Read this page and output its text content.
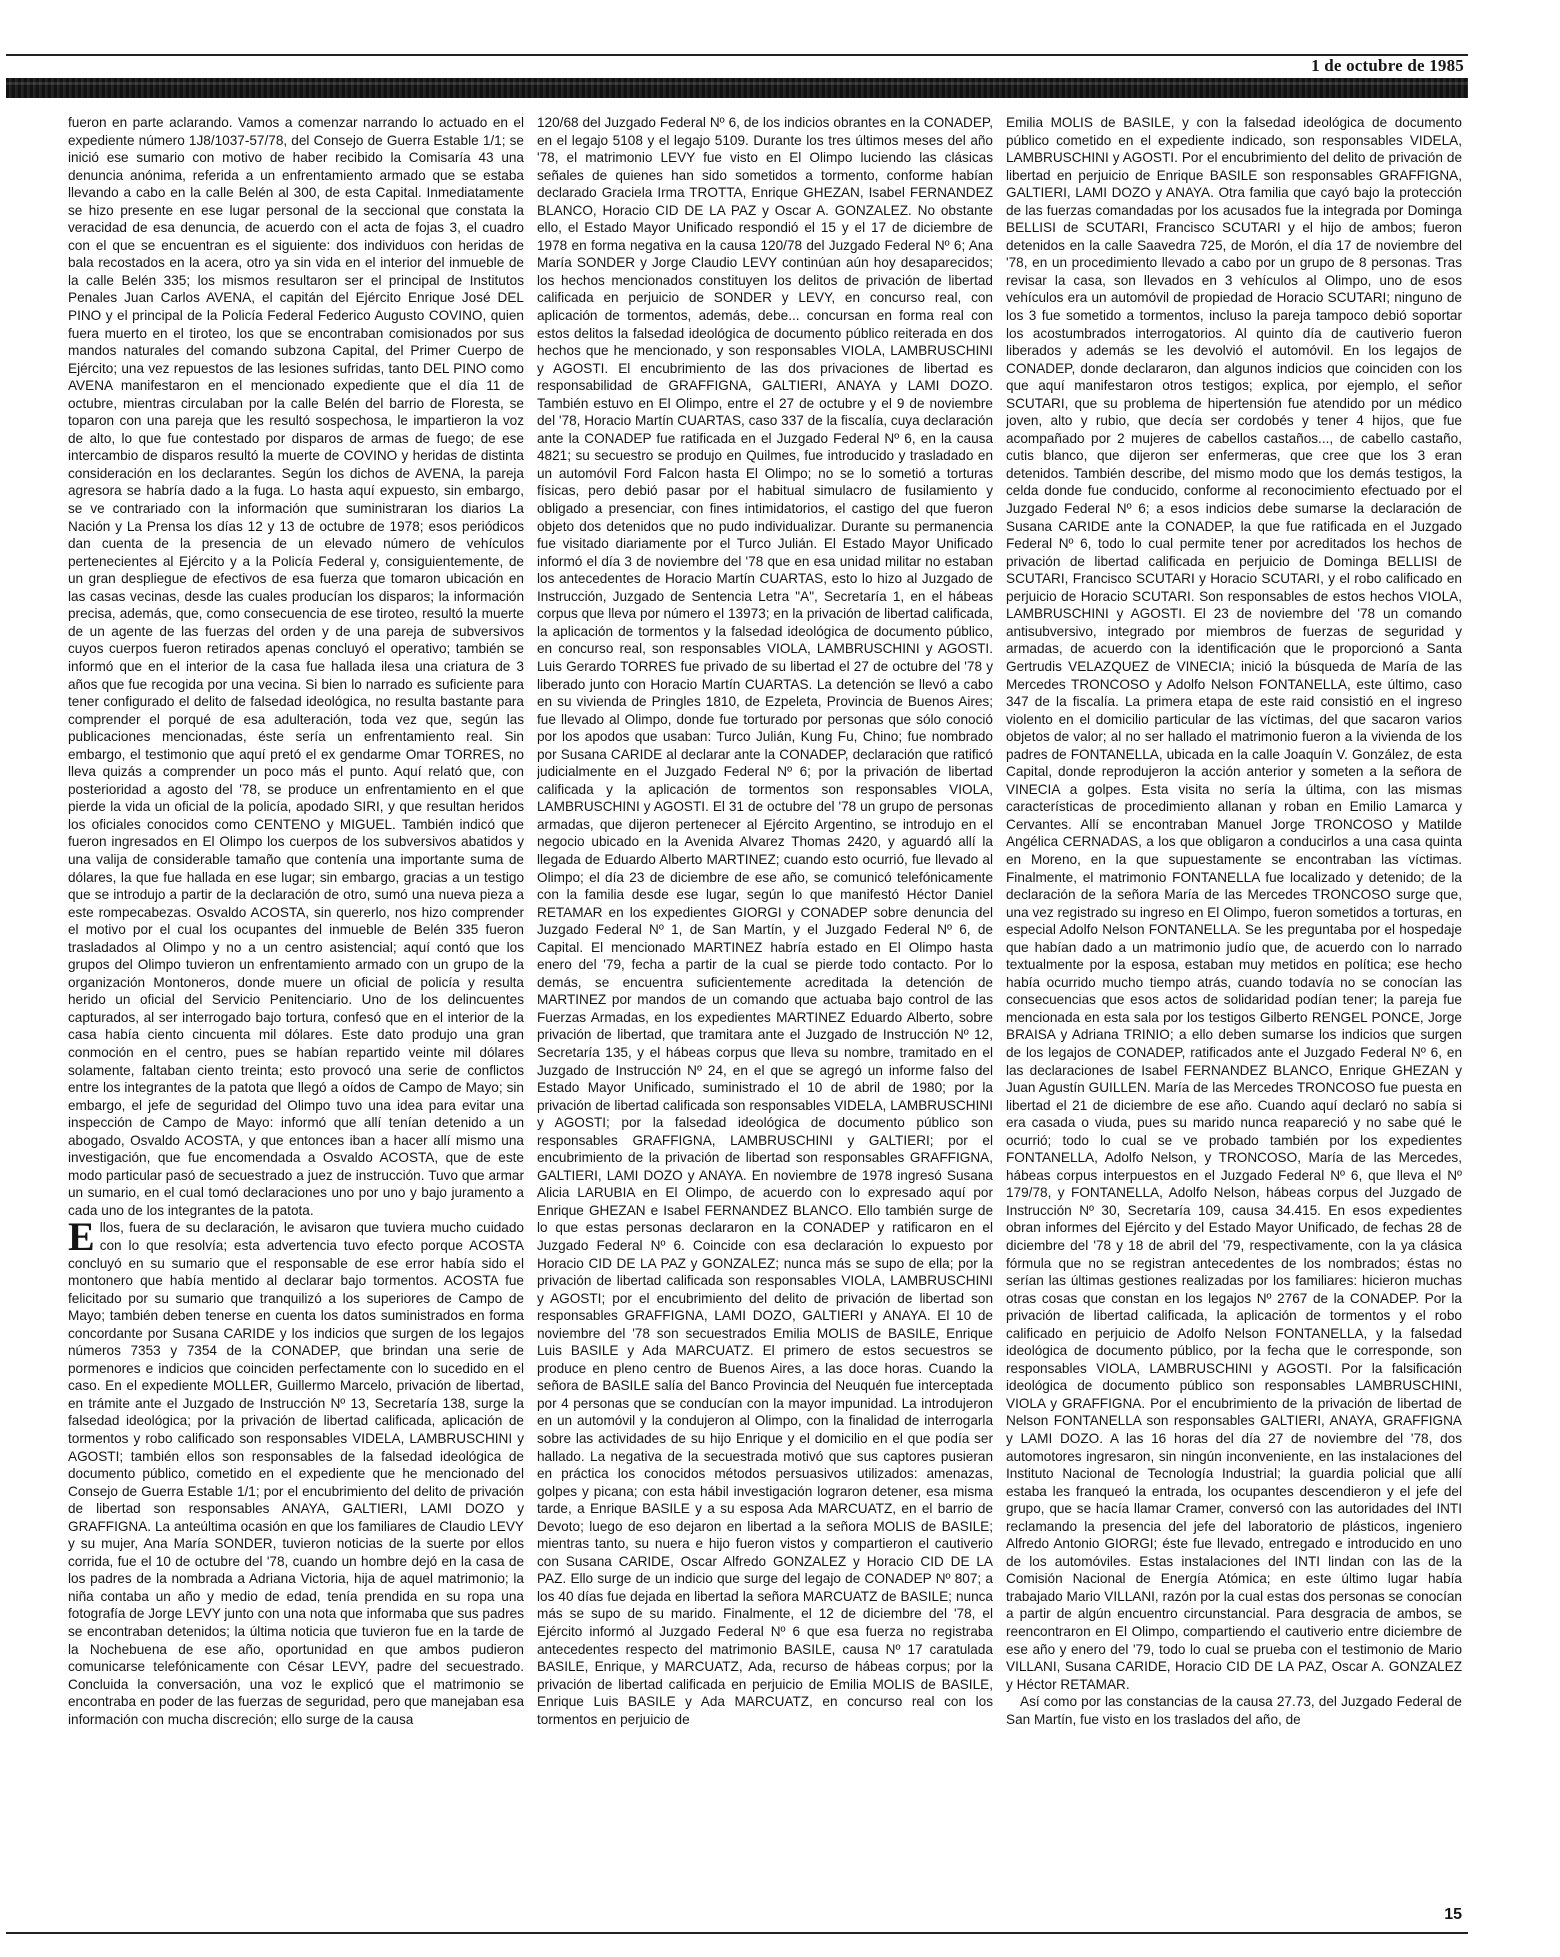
1 de octubre de 1985

fueron en parte aclarando. Vamos a comenzar narrando lo actuado en el expediente número 1J8/1037-57/78, del Consejo de Guerra Estable 1/1; se inició ese sumario con motivo de haber recibido la Comisaría 43 una denuncia anónima, referida a un enfrentamiento armado que se estaba llevando a cabo en la calle Belén al 300, de esta Capital. Inmediatamente se hizo presente en ese lugar personal de la seccional que constata la veracidad de esa denuncia, de acuerdo con el acta de fojas 3, el cuadro con el que se encuentran es el siguiente: dos individuos con heridas de bala recostados en la acera, otro ya sin vida en el interior del inmueble de la calle Belén 335; los mismos resultaron ser el principal de Institutos Penales Juan Carlos AVENA, el capitán del Ejército Enrique José DEL PINO y el principal de la Policía Federal Federico Augusto COVINO, quien fuera muerto en el tiroteo, los que se encontraban comisionados por sus mandos naturales del comando subzona Capital, del Primer Cuerpo de Ejército; una vez repuestos de las lesiones sufridas, tanto DEL PINO como AVENA manifestaron en el mencionado expediente que el día 11 de octubre, mientras circulaban por la calle Belén del barrio de Floresta, se toparon con una pareja que les resultó sospechosa, le impartieron la voz de alto, lo que fue contestado por disparos de armas de fuego; de ese intercambio de disparos resultó la muerte de COVINO y heridas de distinta consideración en los declarantes. Según los dichos de AVENA, la pareja agresora se habría dado a la fuga. Lo hasta aquí expuesto, sin embargo, se ve contrariado con la información que suministraran los diarios La Nación y La Prensa los días 12 y 13 de octubre de 1978; esos periódicos dan cuenta de la presencia de un elevado número de vehículos pertenecientes al Ejército y a la Policía Federal y, consiguientemente, de un gran despliegue de efectivos de esa fuerza que tomaron ubicación en las casas vecinas, desde las cuales producían los disparos; la información precisa, además, que, como consecuencia de ese tiroteo, resultó la muerte de un agente de las fuerzas del orden y de una pareja de subversivos cuyos cuerpos fueron retirados apenas concluyó el operativo; también se informó que en el interior de la casa fue hallada ilesa una criatura de 3 años que fue recogida por una vecina. Si bien lo narrado es suficiente para tener configurado el delito de falsedad ideológica, no resulta bastante para comprender el porqué de esa adulteración, toda vez que, según las publicaciones mencionadas, éste sería un enfrentamiento real. Sin embargo, el testimonio que aquí pretó el ex gendarme Omar TORRES, no lleva quizás a comprender un poco más el punto. Aquí relató que, con posterioridad a agosto del '78, se produce un enfrentamiento en el que pierde la vida un oficial de la policía, apodado SIRI, y que resultan heridos los oficiales conocidos como CENTENO y MIGUEL. También indicó que fueron ingresados en El Olimpo los cuerpos de los subversivos abatidos y una valija de considerable tamaño que contenía una importante suma de dólares, la que fue hallada en ese lugar; sin embargo, gracias a un testigo que se introdujo a partir de la declaración de otro, sumó una nueva pieza a este rompecabezas. Osvaldo ACOSTA, sin quererlo, nos hizo comprender el motivo por el cual los ocupantes del inmueble de Belén 335 fueron trasladados al Olimpo y no a un centro asistencial; aquí contó que los grupos del Olimpo tuvieron un enfrentamiento armado con un grupo de la organización Montoneros, donde muere un oficial de policía y resulta herido un oficial del Servicio Penitenciario. Uno de los delincuentes capturados, al ser interrogado bajo tortura, confesó que en el interior de la casa había ciento cincuenta mil dólares. Este dato produjo una gran conmoción en el centro, pues se habían repartido veinte mil dólares solamente, faltaban ciento treinta; esto provocó una serie de conflictos entre los integrantes de la patota que llegó a oídos de Campo de Mayo; sin embargo, el jefe de seguridad del Olimpo tuvo una idea para evitar una inspección de Campo de Mayo: informó que allí tenían detenido a un abogado, Osvaldo ACOSTA, y que entonces iban a hacer allí mismo una investigación, que fue encomendada a Osvaldo ACOSTA, que de este modo particular pasó de secuestrado a juez de instrucción. Tuvo que armar un sumario, en el cual tomó declaraciones uno por uno y bajo juramento a cada uno de los integrantes de la patota.

Ellos, fuera de su declaración, le avisaron que tuviera mucho cuidado con lo que resolvía; esta advertencia tuvo efecto porque ACOSTA concluyó en su sumario que el responsable de ese error había sido el montonero que había mentido al declarar bajo tormentos. ACOSTA fue felicitado por su sumario que tranquilizó a los superiores de Campo de Mayo; también deben tenerse en cuenta los datos suministrados en forma concordante por Susana CARIDE y los indicios que surgen de los legajos números 7353 y 7354 de la CONADEP, que brindan una serie de pormenores e indicios que coinciden perfectamente con lo sucedido en el caso. En el expediente MOLLER, Guillermo Marcelo, privación de libertad, en trámite ante el Juzgado de Instrucción Nº 13, Secretaría 138, surge la falsedad ideológica; por la privación de libertad calificada, aplicación de tormentos y robo calificado son responsables VIDELA, LAMBRUSCHINI y AGOSTI; también ellos son responsables de la falsedad ideológica de documento público, cometido en el expediente que he mencionado del Consejo de Guerra Estable 1/1; por el encubrimiento del delito de privación de libertad son responsables ANAYA, GALTIERI, LAMI DOZO y GRAFFIGNA. La anteúltima ocasión en que los familiares de Claudio LEVY y su mujer, Ana María SONDER, tuvieron noticias de la suerte por ellos corrida, fue el 10 de octubre del '78, cuando un hombre dejó en la casa de los padres de la nombrada a Adriana Victoria, hija de aquel matrimonio; la niña contaba un año y medio de edad, tenía prendida en su ropa una fotografía de Jorge LEVY junto con una nota que informaba que sus padres se encontraban detenidos; la última noticia que tuvieron fue en la tarde de la Nochebuena de ese año, oportunidad en que ambos pudieron comunicarse telefónicamente con César LEVY, padre del secuestrado. Concluida la conversación, una voz le explicó que el matrimonio se encontraba en poder de las fuerzas de seguridad, pero que manejaban esa información con mucha discreción; ello surge de la causa

120/68 del Juzgado Federal Nº 6, de los indicios obrantes en la CONADEP, en el legajo 5108 y el legajo 5109. Durante los tres últimos meses del año '78, el matrimonio LEVY fue visto en El Olimpo luciendo las clásicas señales de quienes han sido sometidos a tormento, conforme habían declarado Graciela Irma TROTTA, Enrique GHEZAN, Isabel FERNANDEZ BLANCO, Horacio CID DE LA PAZ y Oscar A. GONZALEZ. No obstante ello, el Estado Mayor Unificado respondió el 15 y el 17 de diciembre de 1978 en forma negativa en la causa 120/78 del Juzgado Federal Nº 6; Ana María SONDER y Jorge Claudio LEVY continúan aún hoy desaparecidos; los hechos mencionados constituyen los delitos de privación de libertad calificada en perjuicio de SONDER y LEVY, en concurso real, con aplicación de tormentos, además, debe... concursan en forma real con estos delitos la falsedad ideológica de documento público reiterada en dos hechos que he mencionado, y son responsables VIOLA, LAMBRUSCHINI y AGOSTI. El encubrimiento de las dos privaciones de libertad es responsabilidad de GRAFFIGNA, GALTIERI, ANAYA y LAMI DOZO. También estuvo en El Olimpo, entre el 27 de octubre y el 9 de noviembre del '78, Horacio Martín CUARTAS, caso 337 de la fiscalía, cuya declaración ante la CONADEP fue ratificada en el Juzgado Federal Nº 6, en la causa 4821; su secuestro se produjo en Quilmes, fue introducido y trasladado en un automóvil Ford Falcon hasta El Olimpo; no se lo sometió a torturas físicas, pero debió pasar por el habitual simulacro de fusilamiento y obligado a presenciar, con fines intimidatorios, el castigo del que fueron objeto dos detenidos que no pudo individualizar. Durante su permanencia fue visitado diariamente por el Turco Julián. El Estado Mayor Unificado informó el día 3 de noviembre del '78 que en esa unidad militar no estaban los antecedentes de Horacio Martín CUARTAS, esto lo hizo al Juzgado de Instrucción, Juzgado de Sentencia Letra "A", Secretaría 1, en el hábeas corpus que lleva por número el 13973; en la privación de libertad calificada, la aplicación de tormentos y la falsedad ideológica de documento público, en concurso real, son responsables VIOLA, LAMBRUSCHINI y AGOSTI. Luis Gerardo TORRES fue privado de su libertad el 27 de octubre del '78 y liberado junto con Horacio Martín CUARTAS. La detención se llevó a cabo en su vivienda de Pringles 1810, de Ezpeleta, Provincia de Buenos Aires; fue llevado al Olimpo, donde fue torturado por personas que sólo conoció por los apodos que usaban: Turco Julián, Kung Fu, Chino; fue nombrado por Susana CARIDE al declarar ante la CONADEP, declaración que ratificó judicialmente en el Juzgado Federal Nº 6; por la privación de libertad calificada y la aplicación de tormentos son responsables VIOLA, LAMBRUSCHINI y AGOSTI. El 31 de octubre del '78 un grupo de personas armadas, que dijeron pertenecer al Ejército Argentino, se introdujo en el negocio ubicado en la Avenida Alvarez Thomas 2420, y aguardó allí la llegada de Eduardo Alberto MARTINEZ; cuando esto ocurrió, fue llevado al Olimpo; el día 23 de diciembre de ese año, se comunicó telefónicamente con la familia desde ese lugar, según lo que manifestó Héctor Daniel RETAMAR en los expedientes GIORGI y CONADEP sobre denuncia del Juzgado Federal Nº 1, de San Martín, y el Juzgado Federal Nº 6, de Capital. El mencionado MARTINEZ habría estado en El Olimpo hasta enero del '79, fecha a partir de la cual se pierde todo contacto. Por lo demás, se encuentra suficientemente acreditada la detención de MARTINEZ por mandos de un comando que actuaba bajo control de las Fuerzas Armadas, en los expedientes MARTINEZ Eduardo Alberto, sobre privación de libertad, que tramitara ante el Juzgado de Instrucción Nº 12, Secretaría 135, y el hábeas corpus que lleva su nombre, tramitado en el Juzgado de Instrucción Nº 24, en el que se agregó un informe falso del Estado Mayor Unificado, suministrado el 10 de abril de 1980; por la privación de libertad calificada son responsables VIDELA, LAMBRUSCHINI y AGOSTI; por la falsedad ideológica de documento público son responsables GRAFFIGNA, LAMBRUSCHINI y GALTIERI; por el encubrimiento de la privación de libertad son responsables GRAFFIGNA, GALTIERI, LAMI DOZO y ANAYA. En noviembre de 1978 ingresó Susana Alicia LARUBIA en El Olimpo, de acuerdo con lo expresado aquí por Enrique GHEZAN e Isabel FERNANDEZ BLANCO. Ello también surge de lo que estas personas declararon en la CONADEP y ratificaron en el Juzgado Federal Nº 6. Coincide con esa declaración lo expuesto por Horacio CID DE LA PAZ y GONZALEZ; nunca más se supo de ella; por la privación de libertad calificada son responsables VIOLA, LAMBRUSCHINI y AGOSTI; por el encubrimiento del delito de privación de libertad son responsables GRAFFIGNA, LAMI DOZO, GALTIERI y ANAYA. El 10 de noviembre del '78 son secuestrados Emilia MOLIS de BASILE, Enrique Luis BASILE y Ada MARCUATZ. El primero de estos secuestros se produce en pleno centro de Buenos Aires, a las doce horas. Cuando la señora de BASILE salía del Banco Provincia del Neuquén fue interceptada por 4 personas que se conducían con la mayor impunidad. La introdujeron en un automóvil y la condujeron al Olimpo, con la finalidad de interrogarla sobre las actividades de su hijo Enrique y el domicilio en el que podía ser hallado. La negativa de la secuestrada motivó que sus captores pusieran en práctica los conocidos métodos persuasivos utilizados: amenazas, golpes y picana; con esta hábil investigación lograron detener, esa misma tarde, a Enrique BASILE y a su esposa Ada MARCUATZ, en el barrio de Devoto; luego de eso dejaron en libertad a la señora MOLIS de BASILE; mientras tanto, su nuera e hijo fueron vistos y compartieron el cautiverio con Susana CARIDE, Oscar Alfredo GONZALEZ y Horacio CID DE LA PAZ. Ello surge de un indicio que surge del legajo de CONADEP Nº 807; a los 40 días fue dejada en libertad la señora MARCUATZ de BASILE; nunca más se supo de su marido. Finalmente, el 12 de diciembre del '78, el Ejército informó al Juzgado Federal Nº 6 que esa fuerza no registraba antecedentes respecto del matrimonio BASILE, causa Nº 17 caratulada BASILE, Enrique, y MARCUATZ, Ada, recurso de hábeas corpus; por la privación de libertad calificada en perjuicio de Emilia MOLIS de BASILE, Enrique Luis BASILE y Ada MARCUATZ, en concurso real con los tormentos en perjuicio de

Emilia MOLIS de BASILE, y con la falsedad ideológica de documento público cometido en el expediente indicado, son responsables VIDELA, LAMBRUSCHINI y AGOSTI. Por el encubrimiento del delito de privación de libertad en perjuicio de Enrique BASILE son responsables GRAFFIGNA, GALTIERI, LAMI DOZO y ANAYA. Otra familia que cayó bajo la protección de las fuerzas comandadas por los acusados fue la integrada por Dominga BELLISI de SCUTARI, Francisco SCUTARI y el hijo de ambos; fueron detenidos en la calle Saavedra 725, de Morón, el día 17 de noviembre del '78, en un procedimiento llevado a cabo por un grupo de 8 personas. Tras revisar la casa, son llevados en 3 vehículos al Olimpo, uno de esos vehículos era un automóvil de propiedad de Horacio SCUTARI; ninguno de los 3 fue sometido a tormentos, incluso la pareja tampoco debió soportar los acostumbrados interrogatorios. Al quinto día de cautiverio fueron liberados y además se les devolvió el automóvil. En los legajos de CONADEP, donde declararon, dan algunos indicios que coinciden con los que aquí manifestaron otros testigos; explica, por ejemplo, el señor SCUTARI, que su problema de hipertensión fue atendido por un médico joven, alto y rubio, que decía ser cordobés y tener 4 hijos, que fue acompañado por 2 mujeres de cabellos castaños..., de cabello castaño, cutis blanco, que dijeron ser enfermeras, que cree que los 3 eran detenidos. También describe, del mismo modo que los demás testigos, la celda donde fue conducido, conforme al reconocimiento efectuado por el Juzgado Federal Nº 6; a esos indicios debe sumarse la declaración de Susana CARIDE ante la CONADEP, la que fue ratificada en el Juzgado Federal Nº 6, todo lo cual permite tener por acreditados los hechos de privación de libertad calificada en perjuicio de Dominga BELLISI de SCUTARI, Francisco SCUTARI y Horacio SCUTARI, y el robo calificado en perjuicio de Horacio SCUTARI. Son responsables de estos hechos VIOLA, LAMBRUSCHINI y AGOSTI. El 23 de noviembre del '78 un comando antisubversivo, integrado por miembros de fuerzas de seguridad y armadas, de acuerdo con la identificación que le proporcionó a Santa Gertrudis VELAZQUEZ de VINECIA; inició la búsqueda de María de las Mercedes TRONCOSO y Adolfo Nelson FONTANELLA, este último, caso 347 de la fiscalía. La primera etapa de este raid consistió en el ingreso violento en el domicilio particular de las víctimas, del que sacaron varios objetos de valor; al no ser hallado el matrimonio fueron a la vivienda de los padres de FONTANELLA, ubicada en la calle Joaquín V. González, de esta Capital, donde reprodujeron la acción anterior y someten a la señora de VINECIA a golpes. Esta visita no sería la última, con las mismas características de procedimiento allanan y roban en Emilio Lamarca y Cervantes. Allí se encontraban Manuel Jorge TRONCOSO y Matilde Angélica CERNADAS, a los que obligaron a conducirlos a una casa quinta en Moreno, en la que supuestamente se encontraban las víctimas. Finalmente, el matrimonio FONTANELLA fue localizado y detenido; de la declaración de la señora María de las Mercedes TRONCOSO surge que, una vez registrado su ingreso en El Olimpo, fueron sometidos a torturas, en especial Adolfo Nelson FONTANELLA. Se les preguntaba por el hospedaje que habían dado a un matrimonio judío que, de acuerdo con lo narrado textualmente por la esposa, estaban muy metidos en política; ese hecho había ocurrido mucho tiempo atrás, cuando todavía no se conocían las consecuencias que esos actos de solidaridad podían tener; la pareja fue mencionada en esta sala por los testigos Gilberto RENGEL PONCE, Jorge BRAISA y Adriana TRINIO; a ello deben sumarse los indicios que surgen de los legajos de CONADEP, ratificados ante el Juzgado Federal Nº 6, en las declaraciones de Isabel FERNANDEZ BLANCO, Enrique GHEZAN y Juan Agustín GUILLEN. María de las Mercedes TRONCOSO fue puesta en libertad el 21 de diciembre de ese año. Cuando aquí declaró no sabía si era casada o viuda, pues su marido nunca reapareció y no sabe qué le ocurrió; todo lo cual se ve probado también por los expedientes FONTANELLA, Adolfo Nelson, y TRONCOSO, María de las Mercedes, hábeas corpus interpuestos en el Juzgado Federal Nº 6, que lleva el Nº 179/78, y FONTANELLA, Adolfo Nelson, hábeas corpus del Juzgado de Instrucción Nº 30, Secretaría 109, causa 34.415. En esos expedientes obran informes del Ejército y del Estado Mayor Unificado, de fechas 28 de diciembre del '78 y 18 de abril del '79, respectivamente, con la ya clásica fórmula que no se registran antecedentes de los nombrados; éstas no serían las últimas gestiones realizadas por los familiares: hicieron muchas otras cosas que constan en los legajos Nº 2767 de la CONADEP. Por la privación de libertad calificada, la aplicación de tormentos y el robo calificado en perjuicio de Adolfo Nelson FONTANELLA, y la falsedad ideológica de documento público, por la fecha que le corresponde, son responsables VIOLA, LAMBRUSCHINI y AGOSTI. Por la falsificación ideológica de documento público son responsables LAMBRUSCHINI, VIOLA y GRAFFIGNA. Por el encubrimiento de la privación de libertad de Nelson FONTANELLA son responsables GALTIERI, ANAYA, GRAFFIGNA y LAMI DOZO. A las 16 horas del día 27 de noviembre del '78, dos automotores ingresaron, sin ningún inconveniente, en las instalaciones del Instituto Nacional de Tecnología Industrial; la guardia policial que allí estaba les franqueó la entrada, los ocupantes descendieron y el jefe del grupo, que se hacía llamar Cramer, conversó con las autoridades del INTI reclamando la presencia del jefe del laboratorio de plásticos, ingeniero Alfredo Antonio GIORGI; éste fue llevado, entregado e introducido en uno de los automóviles. Estas instalaciones del INTI lindan con las de la Comisión Nacional de Energía Atómica; en este último lugar había trabajado Mario VILLANI, razón por la cual estas dos personas se conocían a partir de algún encuentro circunstancial. Para desgracia de ambos, se reencontraron en El Olimpo, compartiendo el cautiverio entre diciembre de ese año y enero del '79, todo lo cual se prueba con el testimonio de Mario VILLANI, Susana CARIDE, Horacio CID DE LA PAZ, Oscar A. GONZALEZ y Héctor RETAMAR.

Así como por las constancias de la causa 27.73, del Juzgado Federal de San Martín, fue visto en los traslados del año, de

15
